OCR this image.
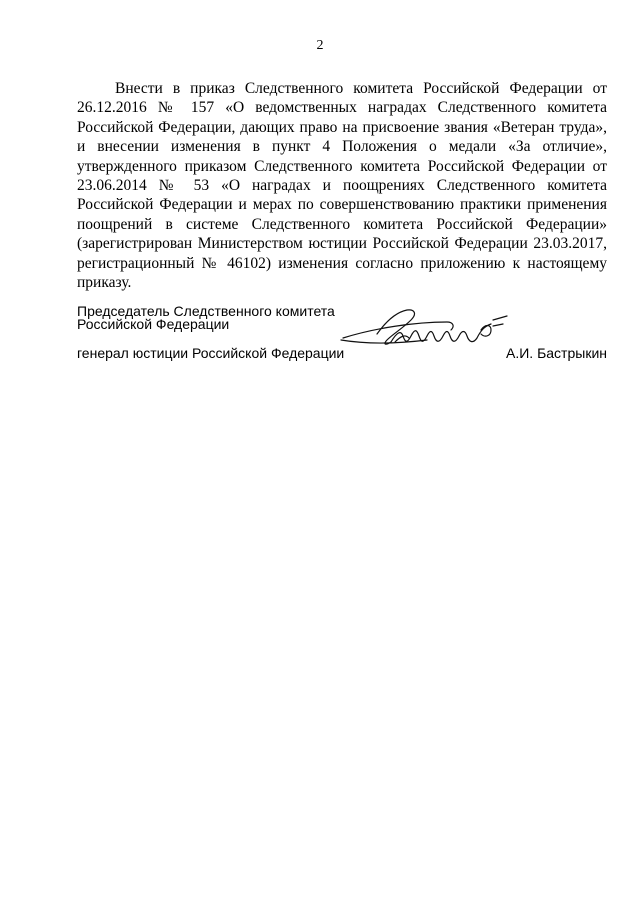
2

Внести в приказ Следственного комитета Российской Федерации от 26.12.2016 № 157 «О ведомственных наградах Следственного комитета Российской Федерации, дающих право на присвоение звания «Ветеран труда», и внесении изменения в пункт 4 Положения о медали «За отличие», утвержденного приказом Следственного комитета Российской Федерации от 23.06.2014 № 53 «О наградах и поощрениях Следственного комитета Российской Федерации и мерах по совершенствованию практики применения поощрений в системе Следственного комитета Российской Федерации» (зарегистрирован Министерством юстиции Российской Федерации 23.03.2017, регистрационный № 46102) изменения согласно приложению к настоящему приказу.

Председатель Следственного комитета
Российской Федерации
генерал юстиции Российской Федерации	А.И. Бастрыкин
